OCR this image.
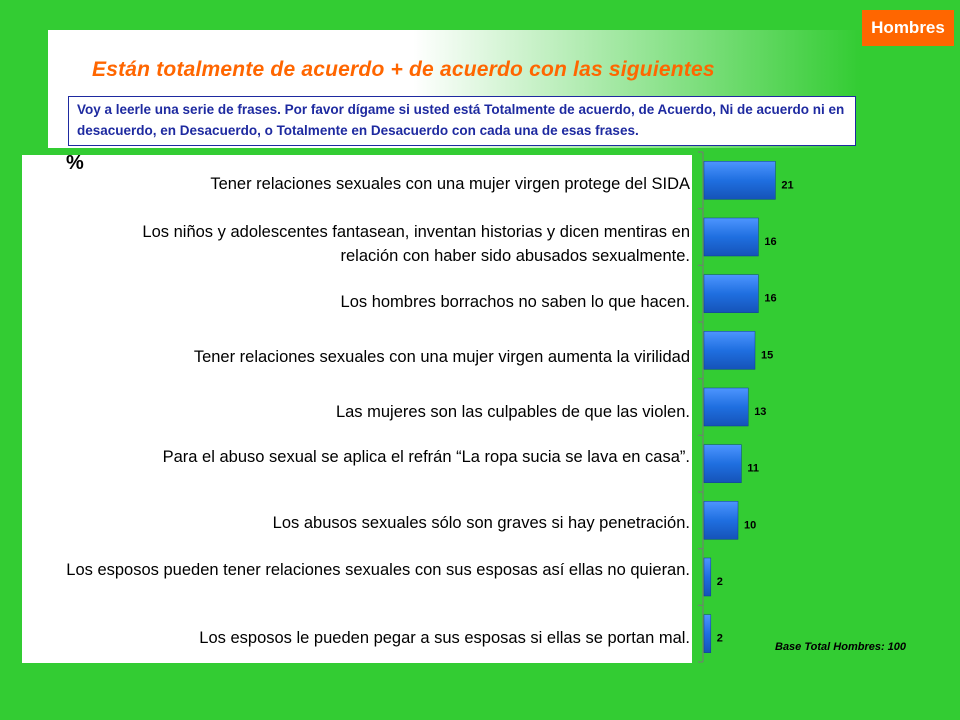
Hombres
Están totalmente de acuerdo + de acuerdo con las siguientes
Voy a leerle una serie de frases. Por favor dígame si usted está Totalmente de acuerdo, de Acuerdo, Ni de acuerdo ni en desacuerdo, en Desacuerdo, o Totalmente en Desacuerdo con cada una de esas frases.
%
Tener relaciones sexuales con una mujer virgen protege del SIDA
Los niños y adolescentes fantasean, inventan historias y dicen mentiras en relación con haber sido abusados sexualmente.
Los hombres borrachos no saben lo que hacen.
Tener relaciones sexuales con una mujer virgen aumenta la virilidad
Las mujeres son las culpables de que las violen.
Para el abuso sexual se aplica el refrán “La ropa sucia se lava en casa”.
Los abusos sexuales sólo son graves si hay penetración.
Los esposos pueden tener relaciones sexuales con sus esposas así ellas no quieran.
Los esposos le pueden pegar a sus esposas si ellas se portan mal.
21
16
16
15
13
11
10
2
2
Base Total Hombres: 100
